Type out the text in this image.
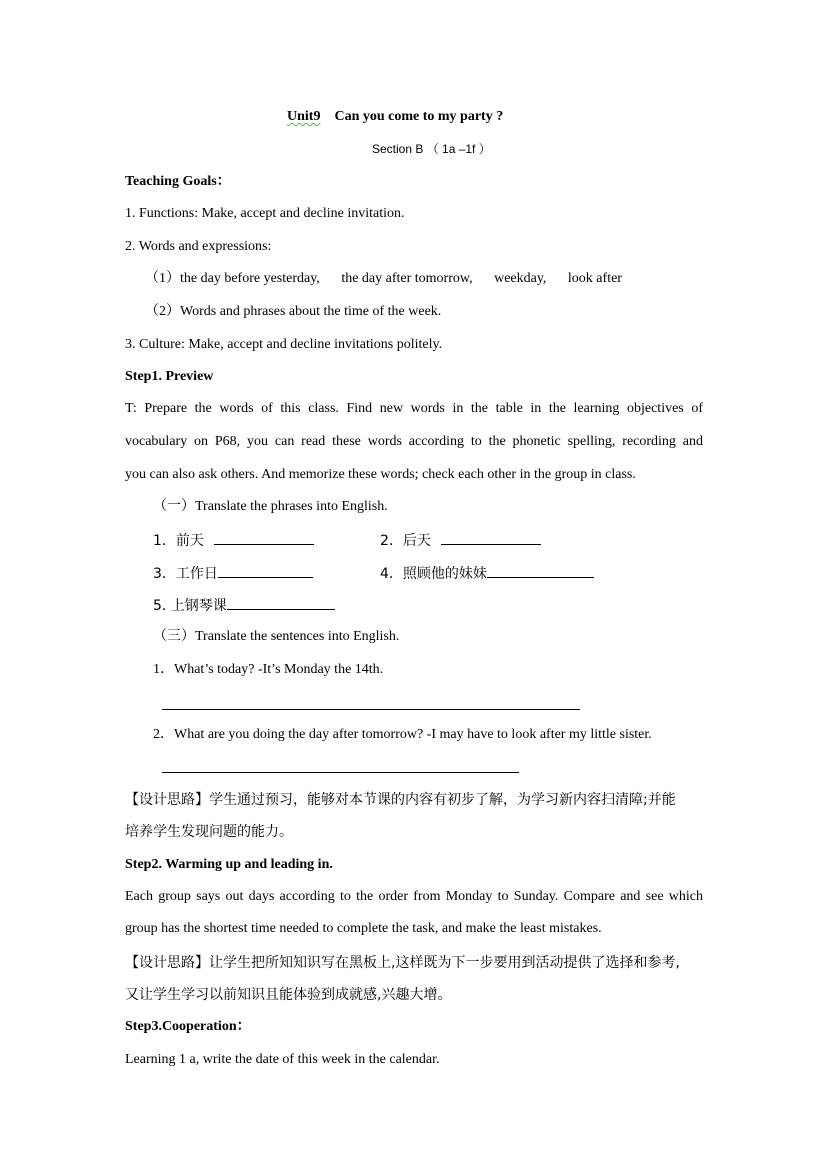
Unit9 Can you come to my party ?
Section B （ 1a –1f ）
Teaching Goals：
1. Functions: Make, accept and decline invitation.
2. Words and expressions:
（1）the day before yesterday, the day after tomorrow, weekday, look after
（2）Words and phrases about the time of the week.
3. Culture: Make, accept and decline invitations politely.
Step1. Preview
T: Prepare the words of this class. Find new words in the table in the learning objectives of
vocabulary on P68, you can read these words according to the phonetic spelling, recording and
you can also ask others. And memorize these words; check each other in the group in class.
（一）Translate the phrases into English.
1．前天	2．后天
3．工作日	4．照顾他的妹妹
5. 上钢琴课
（三）Translate the sentences into English.
1．What’s today? -It’s Monday the 14th.
2．What are you doing the day after tomorrow? -I may have to look after my little sister.
【设计思路】学生通过预习，能够对本节课的内容有初步了解，为学习新内容扫清障;并能
培养学生发现问题的能力。
Step2. Warming up and leading in.
Each group says out days according to the order from Monday to Sunday. Compare and see which
group has the shortest time needed to complete the task, and make the least mistakes.
【设计思路】让学生把所知知识写在黑板上,这样既为下一步要用到活动提供了选择和参考,
又让学生学习以前知识且能体验到成就感,兴趣大增。
Step3.Cooperation：
Learning 1 a, write the date of this week in the calendar.
